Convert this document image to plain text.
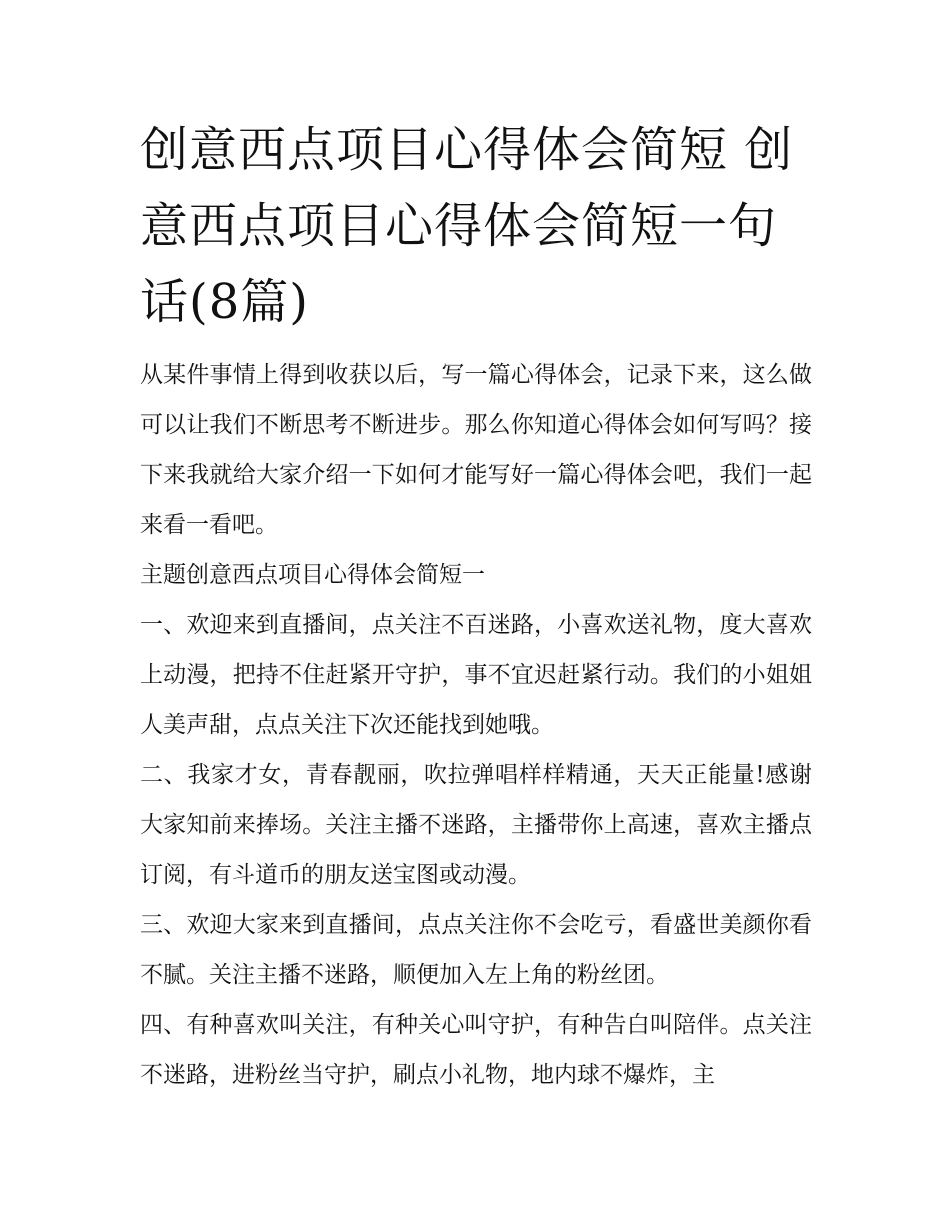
创意西点项目心得体会简短 创意西点项目心得体会简短一句话(8篇)

从某件事情上得到收获以后，写一篇心得体会，记录下来，这么做可以让我们不断思考不断进步。那么你知道心得体会如何写吗？接下来我就给大家介绍一下如何才能写好一篇心得体会吧，我们一起来看一看吧。

主题创意西点项目心得体会简短一

一、欢迎来到直播间，点关注不百迷路，小喜欢送礼物，度大喜欢上动漫，把持不住赶紧开守护，事不宜迟赶紧行动。我们的小姐姐人美声甜，点点关注下次还能找到她哦。

二、我家才女，青春靓丽，吹拉弹唱样样精通，天天正能量!感谢大家知前来捧场。关注主播不迷路，主播带你上高速，喜欢主播点订阅，有斗道币的朋友送宝图或动漫。

三、欢迎大家来到直播间，点点关注你不会吃亏，看盛世美颜你看不腻。关注主播不迷路，顺便加入左上角的粉丝团。

四、有种喜欢叫关注，有种关心叫守护，有种告白叫陪伴。点关注不迷路，进粉丝当守护，刷点小礼物，地内球不爆炸，主
